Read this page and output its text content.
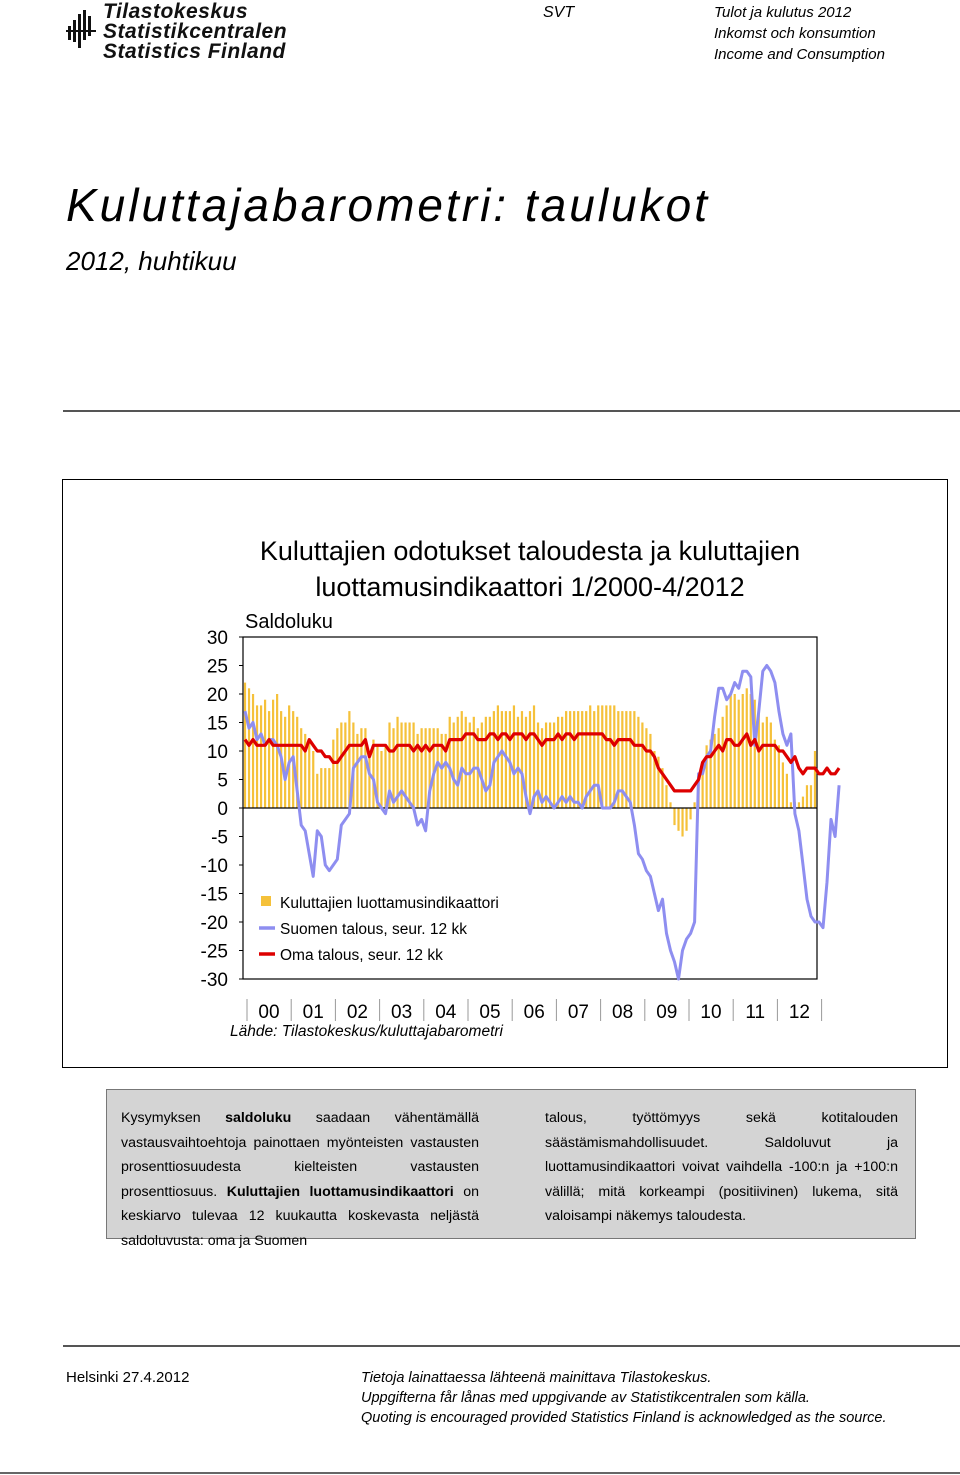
Tilastokeskus
Statistikcentralen
Statistics Finland
SVT	Tulot ja kulutus 2012
Inkomst och konsumtion
Income and Consumption
Kuluttajabarometri: taulukot
2012, huhtikuu
Kuluttajien odotukset taloudesta ja kuluttajien
luottamusindikaattori 1/2000-4/2012
Saldoluku
30
25
20
15
10
5
0
-5
-10
-15
-20
-25
-30
00 01 02 03 04 05 06 07 08 09 10 11 12
Lähde: Tilastokeskus/kuluttajabarometri
Kuluttajien luottamusindikaattori
Suomen talous, seur. 12 kk
Oma talous, seur. 12 kk
Kysymyksen saldoluku saadaan vähentämällä vastausvaihtoehtoja painottaen myönteisten vastausten prosenttiosuudesta kielteisten vastausten prosenttiosuus. Kuluttajien luottamusindikaattori on keskiarvo tulevaa 12 kuukautta koskevasta neljästä saldoluvusta: oma ja Suomen
talous, työttömyys sekä kotitalouden säästämismahdollisuudet. Saldoluvut ja luottamusindikaattori voivat vaihdella -100:n ja +100:n välillä; mitä korkeampi (positiivinen) lukema, sitä valoisampi näkemys taloudesta.
Helsinki 27.4.2012	Tietoja lainattaessa lähteenä mainittava Tilastokeskus.
Uppgifterna får lånas med uppgivande av Statistikcentralen som källa.
Quoting is encouraged provided Statistics Finland is acknowledged as the source.
